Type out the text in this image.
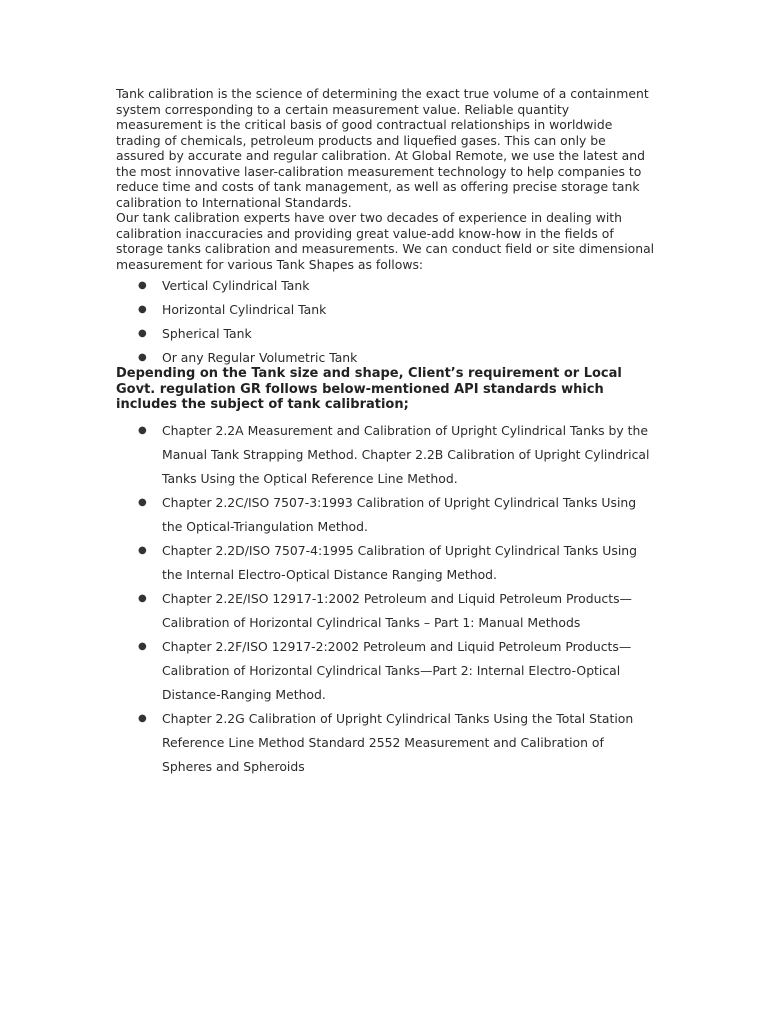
Tank calibration is the science of determining the exact true volume of a containment system corresponding to a certain measurement value. Reliable quantity measurement is the critical basis of good contractual relationships in worldwide trading of chemicals, petroleum products and liquefied gases. This can only be assured by accurate and regular calibration. At Global Remote, we use the latest and the most innovative laser-calibration measurement technology to help companies to reduce time and costs of tank management, as well as offering precise storage tank calibration to International Standards.

Our tank calibration experts have over two decades of experience in dealing with calibration inaccuracies and providing great value-add know-how in the fields of storage tanks calibration and measurements. We can conduct field or site dimensional measurement for various Tank Shapes as follows:

● Vertical Cylindrical Tank
● Horizontal Cylindrical Tank
● Spherical Tank
● Or any Regular Volumetric Tank

Depending on the Tank size and shape, Client’s requirement or Local Govt. regulation GR follows below-mentioned API standards which includes the subject of tank calibration;

● Chapter 2.2A Measurement and Calibration of Upright Cylindrical Tanks by the Manual Tank Strapping Method. Chapter 2.2B Calibration of Upright Cylindrical Tanks Using the Optical Reference Line Method.
● Chapter 2.2C/ISO 7507-3:1993 Calibration of Upright Cylindrical Tanks Using the Optical-Triangulation Method.
● Chapter 2.2D/ISO 7507-4:1995 Calibration of Upright Cylindrical Tanks Using the Internal Electro-Optical Distance Ranging Method.
● Chapter 2.2E/ISO 12917-1:2002 Petroleum and Liquid Petroleum Products—Calibration of Horizontal Cylindrical Tanks – Part 1: Manual Methods
● Chapter 2.2F/ISO 12917-2:2002 Petroleum and Liquid Petroleum Products—Calibration of Horizontal Cylindrical Tanks—Part 2: Internal Electro-Optical Distance-Ranging Method.
● Chapter 2.2G Calibration of Upright Cylindrical Tanks Using the Total Station Reference Line Method Standard 2552 Measurement and Calibration of Spheres and Spheroids
